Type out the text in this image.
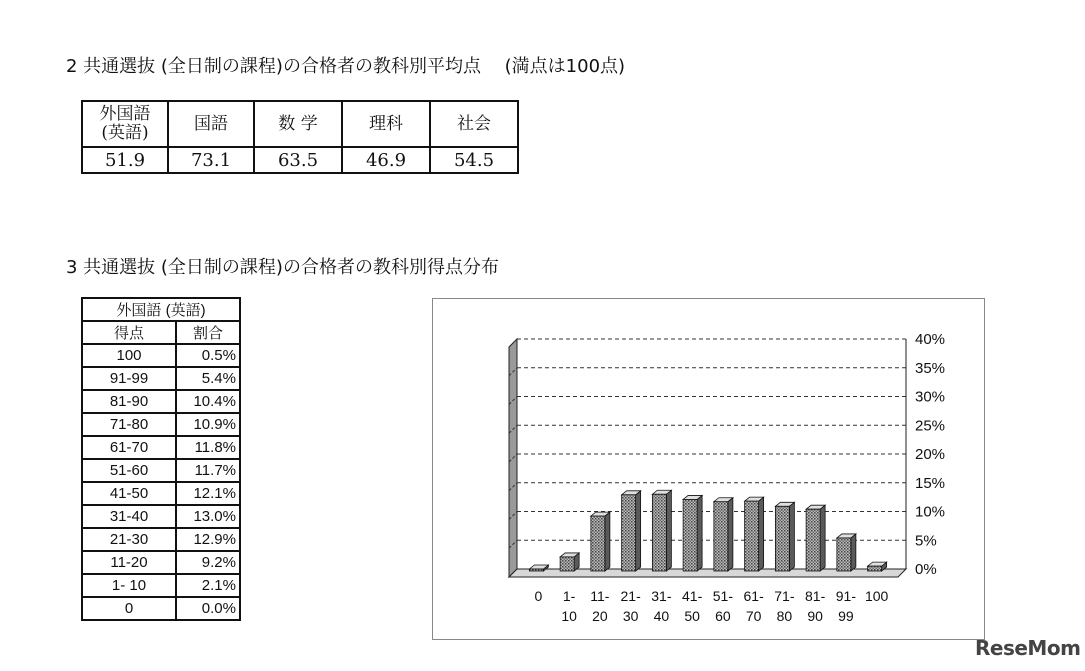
2 共通選抜 (全日制の課程)の合格者の教科別平均点　 (満点は100点)
外国語
(英語)	国語	数 学	理科	社会
51.9	73.1	63.5	46.9	54.5
3 共通選抜 (全日制の課程)の合格者の教科別得点分布
外国語 (英語)	
得点	割合
100	0.5%
91-99	5.4%
81-90	10.4%
71-80	10.9%
61-70	11.8%
51-60	11.7%
41-50	12.1%
31-40	13.0%
21-30	12.9%
11-20	9.2%
1- 10	2.1%
0	0.0%
0%
5%
10%
15%
20%
25%
30%
35%
40%
0 1-
10
11-
20
21-
30
31-
40
41-
50
51-
60
61-
70
71-
80
81-
90
91-
99
100
ReseMom
